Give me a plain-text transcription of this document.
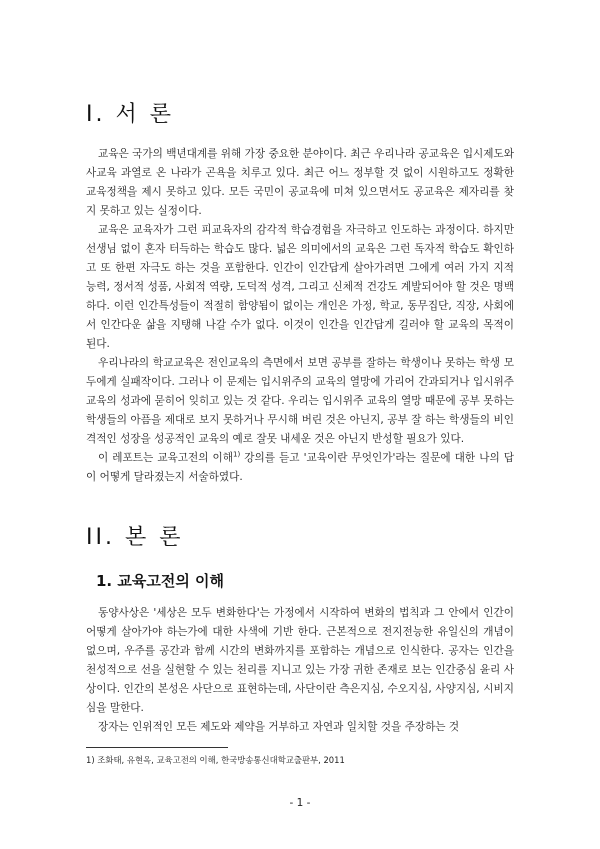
I. 서 론

교육은 국가의 백년대계를 위해 가장 중요한 분야이다. 최근 우리나라 공교육은 입시제도와 사교육 과열로 온 나라가 곤욕을 치루고 있다. 최근 어느 정부할 것 없이 시원하고도 정확한 교육정책을 제시 못하고 있다. 모든 국민이 공교육에 미쳐 있으면서도 공교육은 제자리를 찾지 못하고 있는 실정이다.

교육은 교육자가 그런 피교육자의 감각적 학습경험을 자극하고 인도하는 과정이다. 하지만 선생님 없이 혼자 터득하는 학습도 많다. 넓은 의미에서의 교육은 그런 독자적 학습도 확인하고 또 한편 자극도 하는 것을 포함한다. 인간이 인간답게 살아가려면 그에게 여러 가지 지적 능력, 정서적 성품, 사회적 역량, 도덕적 성격, 그리고 신체적 건강도 계발되어야 할 것은 명백하다. 이런 인간특성들이 적절히 함양됨이 없이는 개인은 가정, 학교, 동무집단, 직장, 사회에서 인간다운 삶을 지탱해 나갈 수가 없다. 이것이 인간을 인간답게 길러야 할 교육의 목적이 된다.

우리나라의 학교교육은 전인교육의 측면에서 보면 공부를 잘하는 학생이나 못하는 학생 모두에게 실패작이다. 그러나 이 문제는 입시위주의 교육의 열망에 가리어 간과되거나 입시위주 교육의 성과에 묻히어 잊히고 있는 것 같다. 우리는 입시위주 교육의 열망 때문에 공부 못하는 학생들의 아픔을 제대로 보지 못하거나 무시해 버린 것은 아닌지, 공부 잘 하는 학생들의 비인격적인 성장을 성공적인 교육의 예로 잘못 내세운 것은 아닌지 반성할 필요가 있다.

이 레포트는 교육고전의 이해$^{1)}$ 강의를 듣고 '교육이란 무엇인가'라는 질문에 대한 나의 답이 어떻게 달라졌는지 서술하였다.

II. 본 론
1. 교육고전의 이해

동양사상은 '세상은 모두 변화한다'는 가정에서 시작하여 변화의 법칙과 그 안에서 인간이 어떻게 살아가야 하는가에 대한 사색에 기반 한다. 근본적으로 전지전능한 유일신의 개념이 없으며, 우주를 공간과 함께 시간의 변화까지를 포함하는 개념으로 인식한다. 공자는 인간을 천성적으로 선을 실현할 수 있는 천리를 지니고 있는 가장 귀한 존재로 보는 인간중심 윤리 사상이다. 인간의 본성은 사단으로 표현하는데, 사단이란 측은지심, 수오지심, 사양지심, 시비지심을 말한다.

장자는 인위적인 모든 제도와 제약을 거부하고 자연과 일치할 것을 주장하는 것

1) 조화태, 유현옥, 교육고전의 이해, 한국방송통신대학교출판부, 2011
- 1 -
